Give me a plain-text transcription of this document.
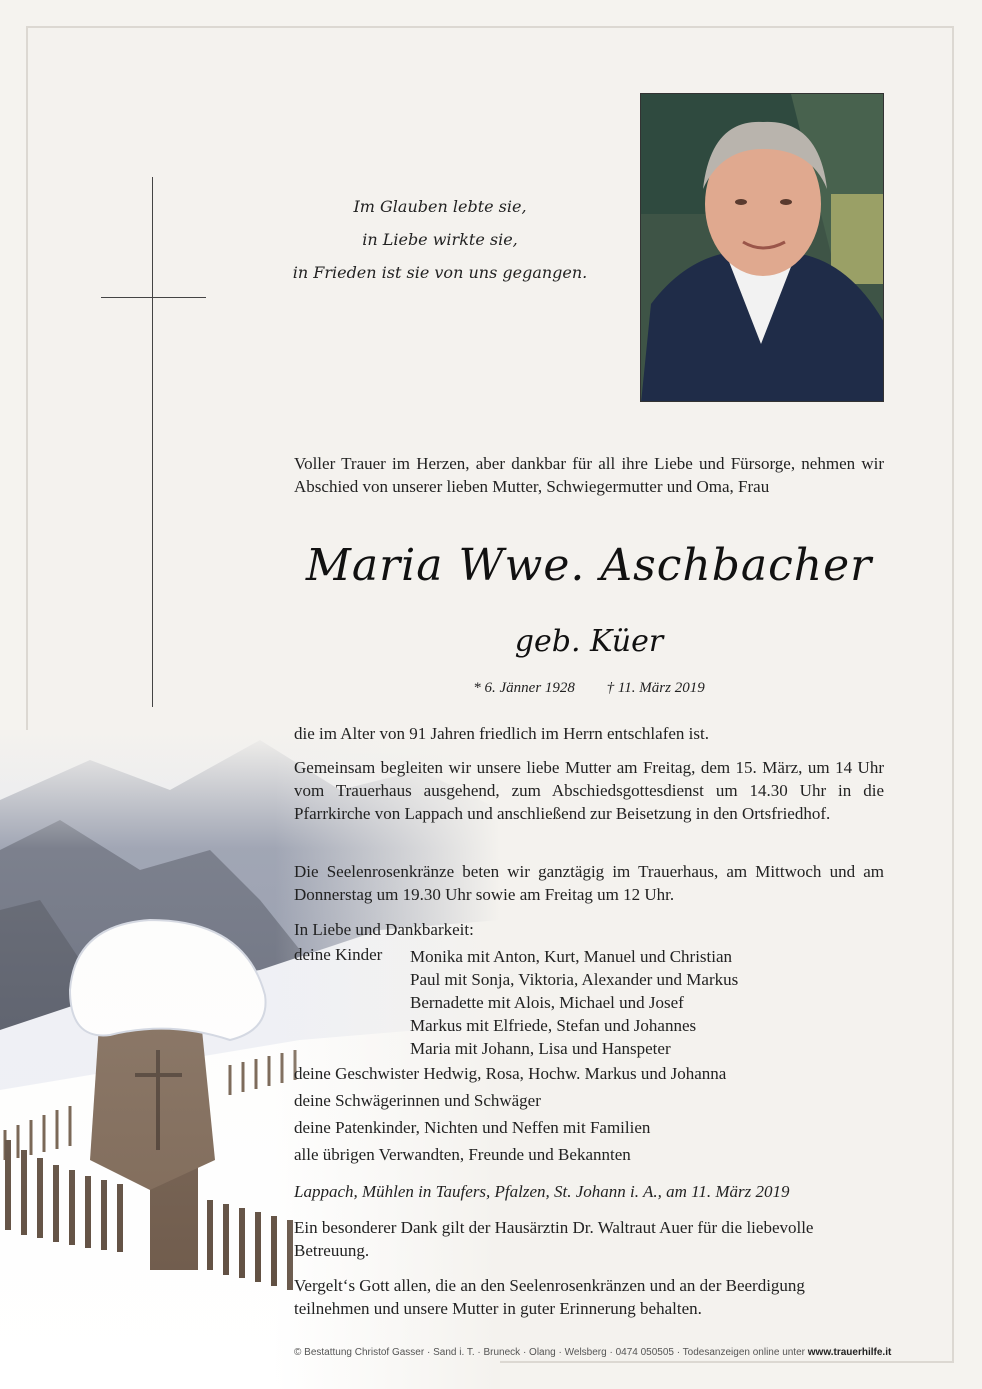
Im Glauben lebte sie,
in Liebe wirkte sie,
in Frieden ist sie von uns gegangen.
Voller Trauer im Herzen, aber dankbar für all ihre Liebe und Fürsorge, nehmen wir Abschied von unserer lieben Mutter, Schwiegermutter und Oma, Frau
Maria Wwe. Aschbacher
geb. Küer
* 6. Jänner 1928 † 11. März 2019
die im Alter von 91 Jahren friedlich im Herrn entschlafen ist.
Gemeinsam begleiten wir unsere liebe Mutter am Freitag, dem 15. März, um 14 Uhr vom Trauerhaus ausgehend, zum Abschiedsgottesdienst um 14.30 Uhr in die Pfarrkirche von Lappach und anschließend zur Beisetzung in den Ortsfriedhof.
Die Seelenrosenkränze beten wir ganztägig im Trauerhaus, am Mittwoch und am Donnerstag um 19.30 Uhr sowie am Freitag um 12 Uhr.
In Liebe und Dankbarkeit:
deine Kinder Monika mit Anton, Kurt, Manuel und Christian
Paul mit Sonja, Viktoria, Alexander und Markus
Bernadette mit Alois, Michael und Josef
Markus mit Elfriede, Stefan und Johannes
Maria mit Johann, Lisa und Hanspeter
deine Geschwister Hedwig, Rosa, Hochw. Markus und Johanna
deine Schwägerinnen und Schwäger
deine Patenkinder, Nichten und Neffen mit Familien
alle übrigen Verwandten, Freunde und Bekannten
Lappach, Mühlen in Taufers, Pfalzen, St. Johann i. A., am 11. März 2019
Ein besonderer Dank gilt der Hausärztin Dr. Waltraut Auer für die liebevolle Betreuung.
Vergelt‘s Gott allen, die an den Seelenrosenkränzen und an der Beerdigung teilnehmen und unsere Mutter in guter Erinnerung behalten.
© Bestattung Christof Gasser · Sand i. T. · Bruneck · Olang · Welsberg · 0474 050505 · Todesanzeigen online unter www.trauerhilfe.it
